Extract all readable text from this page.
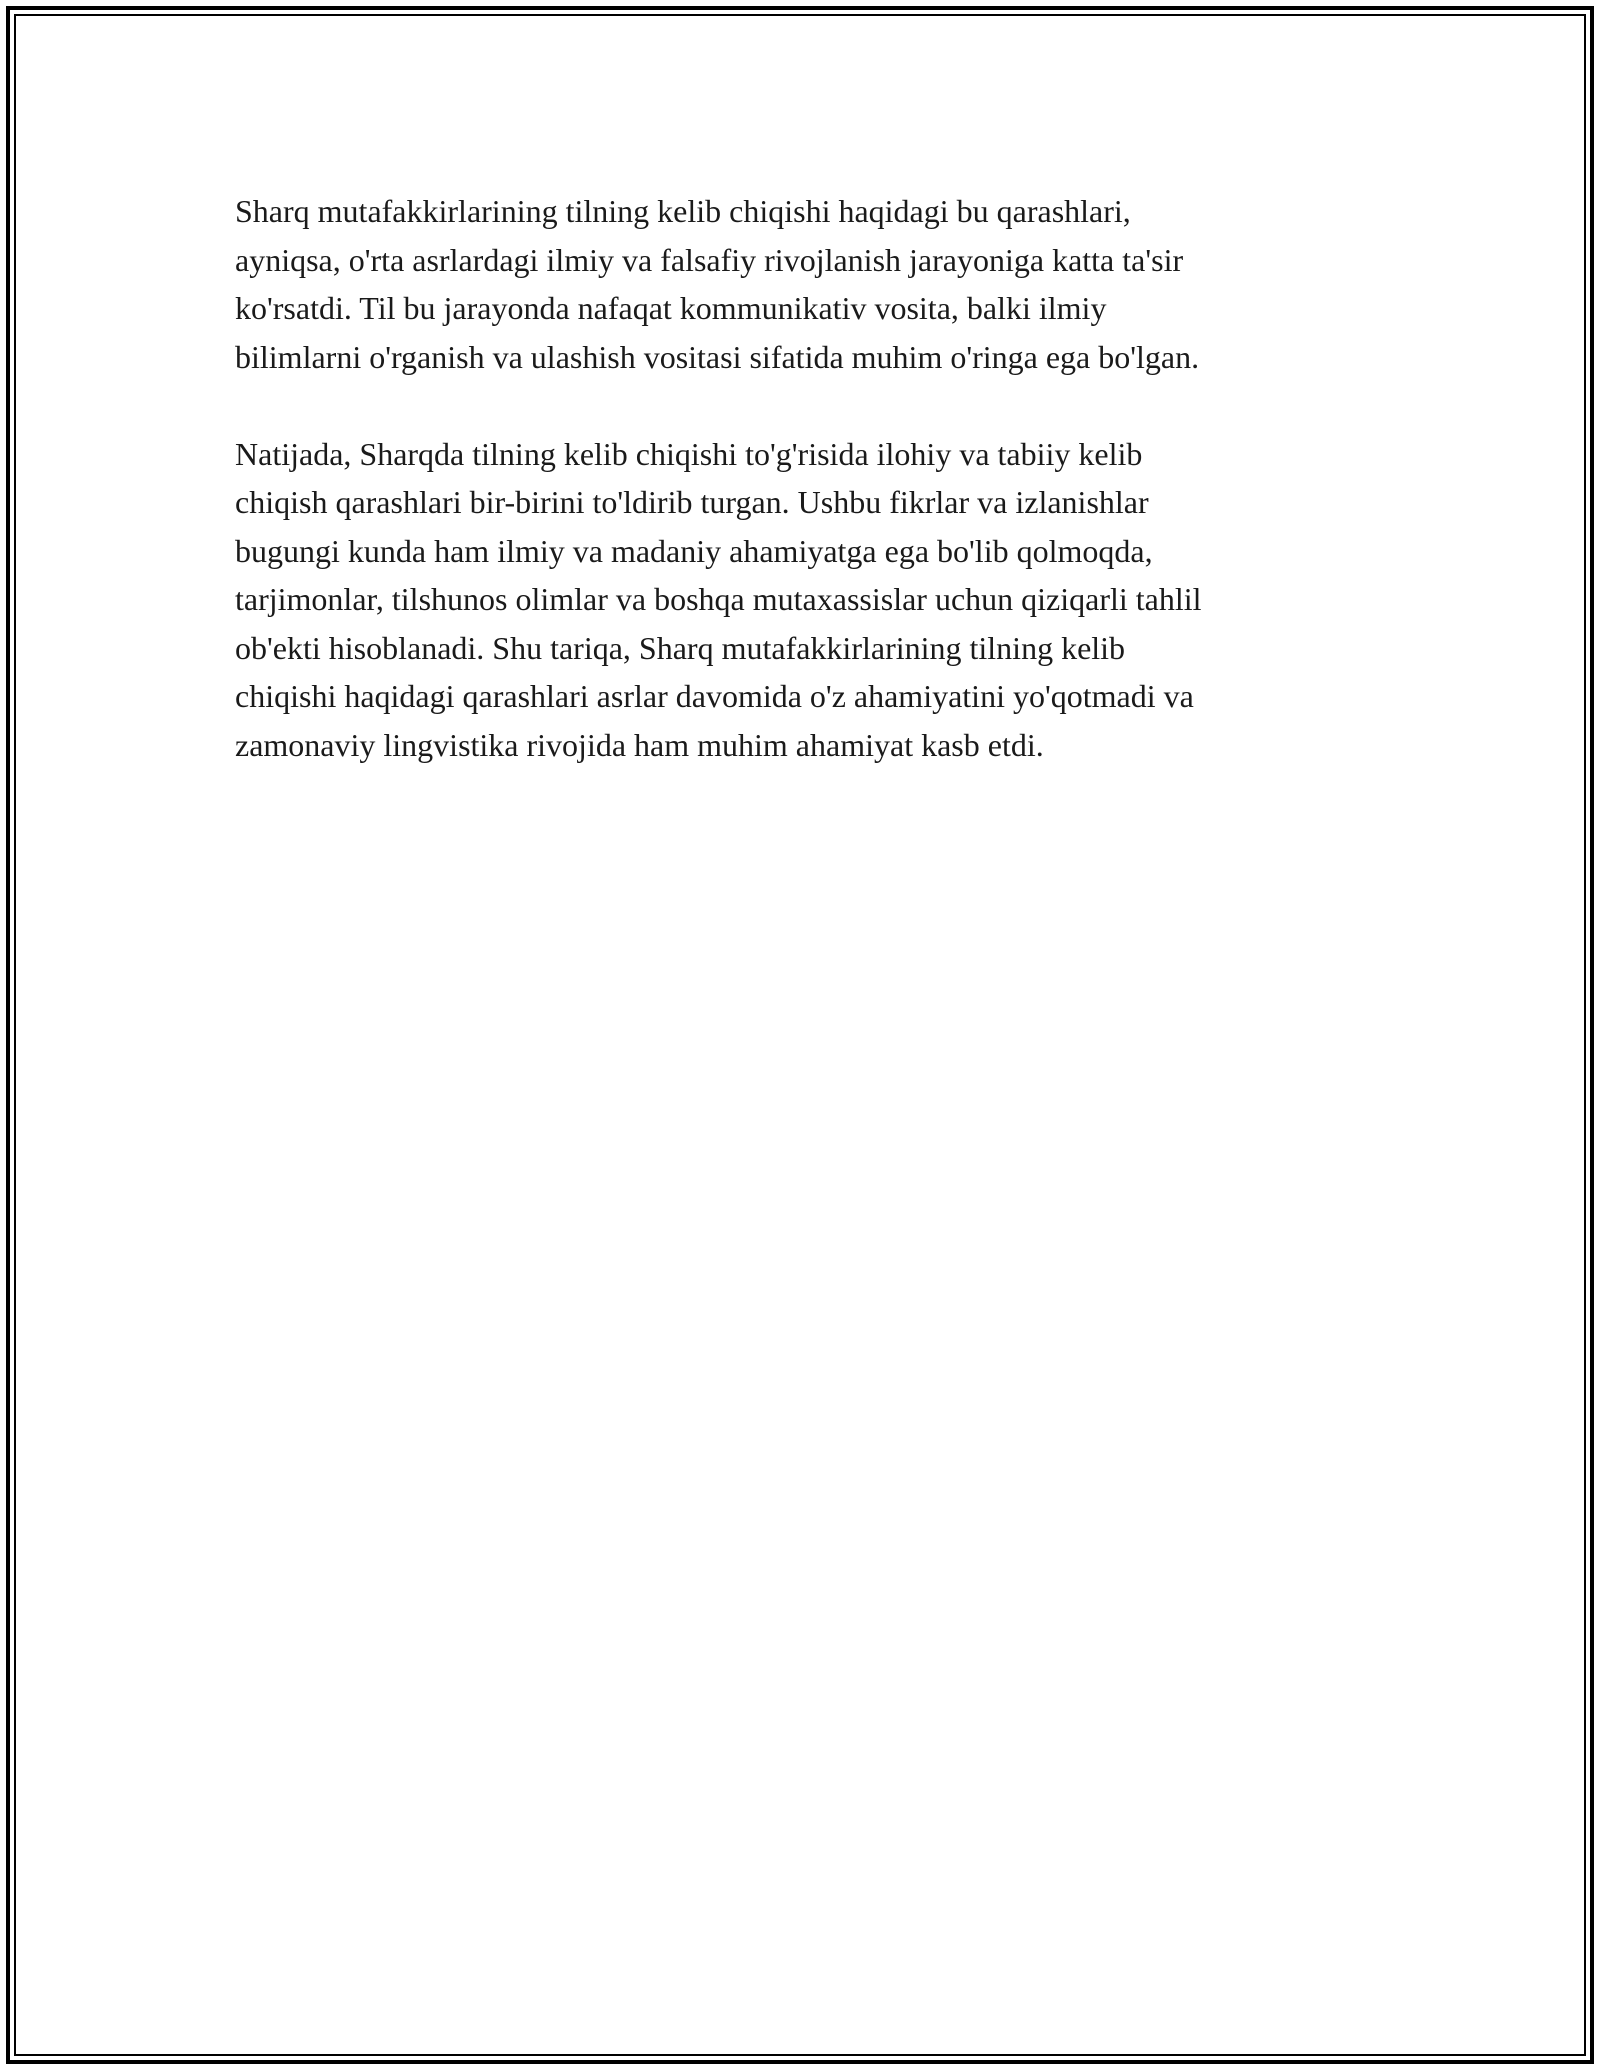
Sharq mutafakkirlarining tilning kelib chiqishi haqidagi bu qarashlari,
ayniqsa, o'rta asrlardagi ilmiy va falsafiy rivojlanish jarayoniga katta ta'sir
ko'rsatdi. Til bu jarayonda nafaqat kommunikativ vosita, balki ilmiy
bilimlarni o'rganish va ulashish vositasi sifatida muhim o'ringa ega bo'lgan.

Natijada, Sharqda tilning kelib chiqishi to'g'risida ilohiy va tabiiy kelib
chiqish qarashlari bir-birini to'ldirib turgan. Ushbu fikrlar va izlanishlar
bugungi kunda ham ilmiy va madaniy ahamiyatga ega bo'lib qolmoqda,
tarjimonlar, tilshunos olimlar va boshqa mutaxassislar uchun qiziqarli tahlil
ob'ekti hisoblanadi. Shu tariqa, Sharq mutafakkirlarining tilning kelib
chiqishi haqidagi qarashlari asrlar davomida o'z ahamiyatini yo'qotmadi va
zamonaviy lingvistika rivojida ham muhim ahamiyat kasb etdi.
